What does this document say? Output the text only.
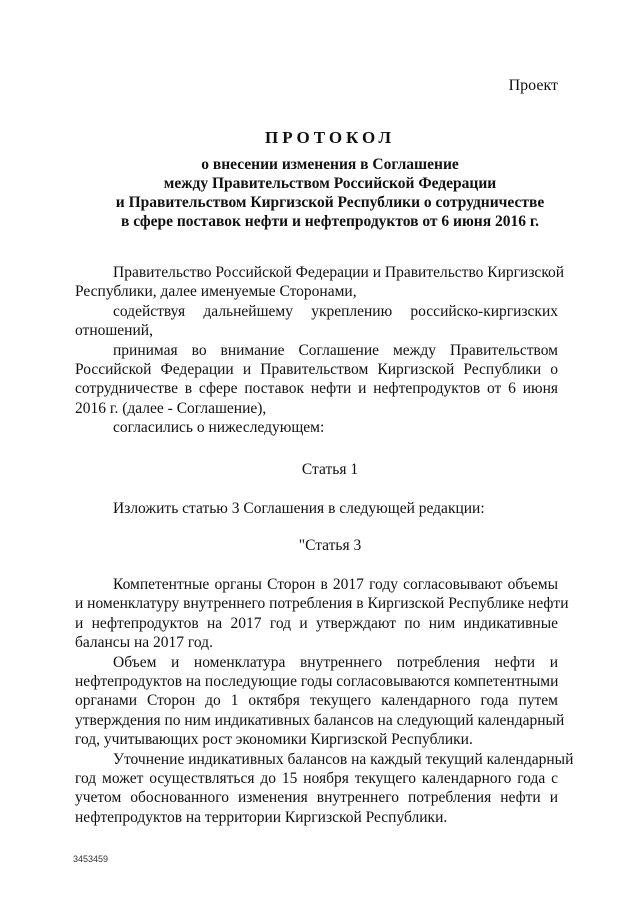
Проект
ПРОТОКОЛ
о внесении изменения в Соглашение
между Правительством Российской Федерации
и Правительством Киргизской Республики о сотрудничестве
в сфере поставок нефти и нефтепродуктов от 6 июня 2016 г.
Правительство Российской Федерации и Правительство Киргизской
Республики, далее именуемые Сторонами,
содействуя дальнейшему укреплению российско-киргизских
отношений,
принимая во внимание Соглашение между Правительством
Российской Федерации и Правительством Киргизской Республики о
сотрудничестве в сфере поставок нефти и нефтепродуктов от 6 июня
2016 г. (далее - Соглашение),
согласились о нижеследующем:
Статья 1
Изложить статью 3 Соглашения в следующей редакции:
"Статья 3
Компетентные органы Сторон в 2017 году согласовывают объемы
и номенклатуру внутреннего потребления в Киргизской Республике нефти
и нефтепродуктов на 2017 год и утверждают по ним индикативные
балансы на 2017 год.
Объем и номенклатура внутреннего потребления нефти и
нефтепродуктов на последующие годы согласовываются компетентными
органами Сторон до 1 октября текущего календарного года путем
утверждения по ним индикативных балансов на следующий календарный
год, учитывающих рост экономики Киргизской Республики.
Уточнение индикативных балансов на каждый текущий календарный
год может осуществляться до 15 ноября текущего календарного года с
учетом обоснованного изменения внутреннего потребления нефти и
нефтепродуктов на территории Киргизской Республики.
3453459
